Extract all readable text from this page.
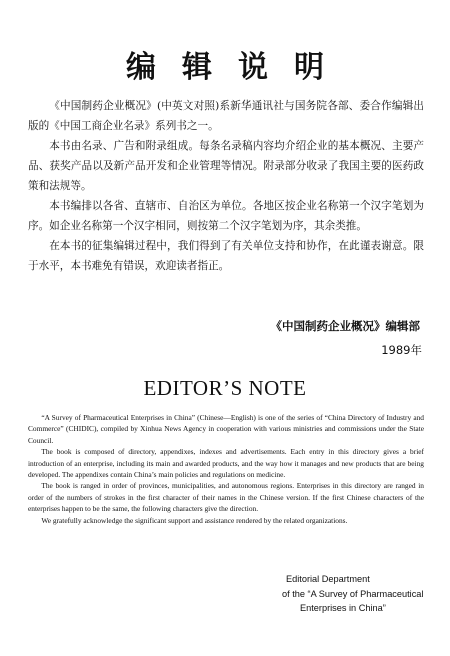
编辑说明

《中国制药企业概况》(中英文对照)系新华通讯社与国务院各部、委合作编辑出版的《中国工商企业名录》系列书之一。

本书由名录、广告和附录组成。每条名录稿内容均介绍企业的基本概况、主要产品、获奖产品以及新产品开发和企业管理等情况。附录部分收录了我国主要的医药政策和法规等。

本书编排以各省、直辖市、自治区为单位。各地区按企业名称第一个汉字笔划为序。如企业名称第一个汉字相同，则按第二个汉字笔划为序，其余类推。

在本书的征集编辑过程中，我们得到了有关单位支持和协作，在此谨表谢意。限于水平，本书难免有错误，欢迎读者指正。

《中国制药企业概况》编辑部
1989年
EDITOR’S NOTE

“A Survey of Pharmaceutical Enterprises in China” (Chinese—English) is one of the series of “China Directory of Industry and Commerce” (CHIDIC), compiled by Xinhua News Agency in cooperation with various ministries and commissions under the State Council.

The book is composed of directory, appendixes, indexes and advertisements. Each entry in this directory gives a brief introduction of an enterprise, including its main and awarded products, and the way how it manages and new products that are being developed. The appendixes contain China’s main policies and regulations on medicine.

The book is ranged in order of provinces, municipalities, and autonomous regions. Enterprises in this directory are ranged in order of the numbers of strokes in the first character of their names in the Chinese version. If the first Chinese characters of the enterprises happen to be the same, the following characters give the direction.

We gratefully acknowledge the significant support and assistance rendered by the related organizations.

Editorial Department
of the “A Survey of Pharmaceutical
Enterprises in China”
